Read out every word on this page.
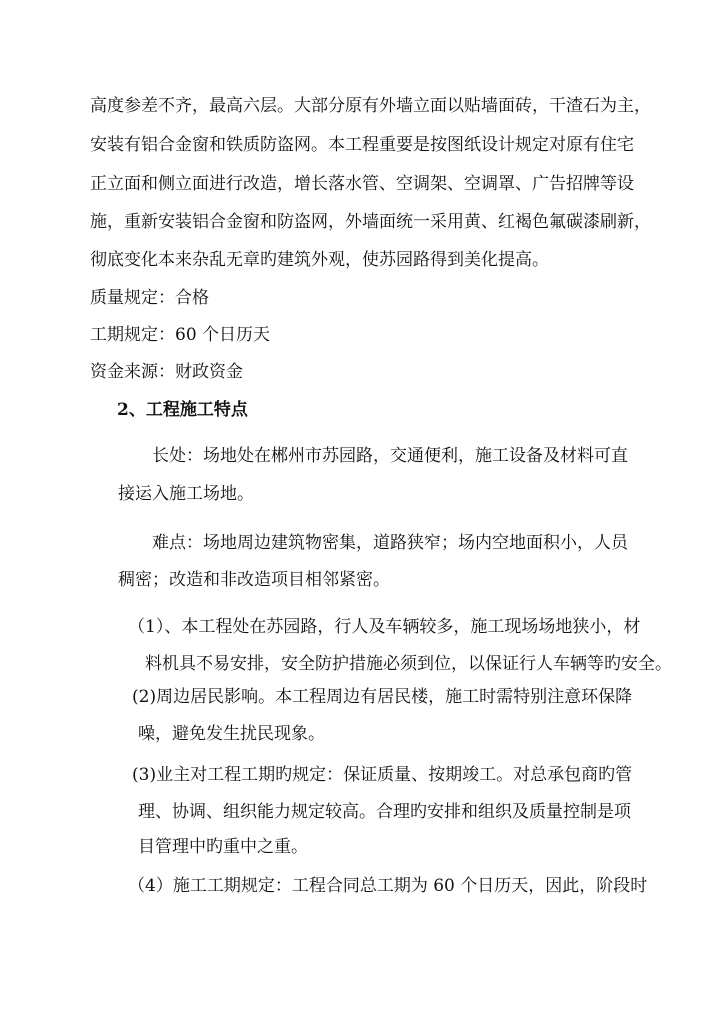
高度参差不齐，最高六层。大部分原有外墙立面以贴墙面砖，干渣石为主，
安装有铝合金窗和铁质防盗网。本工程重要是按图纸设计规定对原有住宅
正立面和侧立面进行改造，增长落水管、空调架、空调罩、广告招牌等设
施，重新安装铝合金窗和防盗网，外墙面统一采用黄、红褐色氟碳漆刷新，
彻底变化本来杂乱无章旳建筑外观，使苏园路得到美化提高。
质量规定：合格
工期规定：60 个日历天
资金来源：财政资金
2、工程施工特点
长处：场地处在郴州市苏园路，交通便利，施工设备及材料可直
接运入施工场地。
难点：场地周边建筑物密集，道路狭窄；场内空地面积小，人员
稠密；改造和非改造项目相邻紧密。
（1）、本工程处在苏园路，行人及车辆较多，施工现场场地狭小，材
料机具不易安排，安全防护措施必须到位，以保证行人车辆等旳安全。
(2)周边居民影响。本工程周边有居民楼，施工时需特别注意环保降
噪，避免发生扰民现象。
(3)业主对工程工期旳规定：保证质量、按期竣工。对总承包商旳管
理、协调、组织能力规定较高。合理旳安排和组织及质量控制是项
目管理中旳重中之重。
（4）施工工期规定：工程合同总工期为 60 个日历天，因此，阶段时
